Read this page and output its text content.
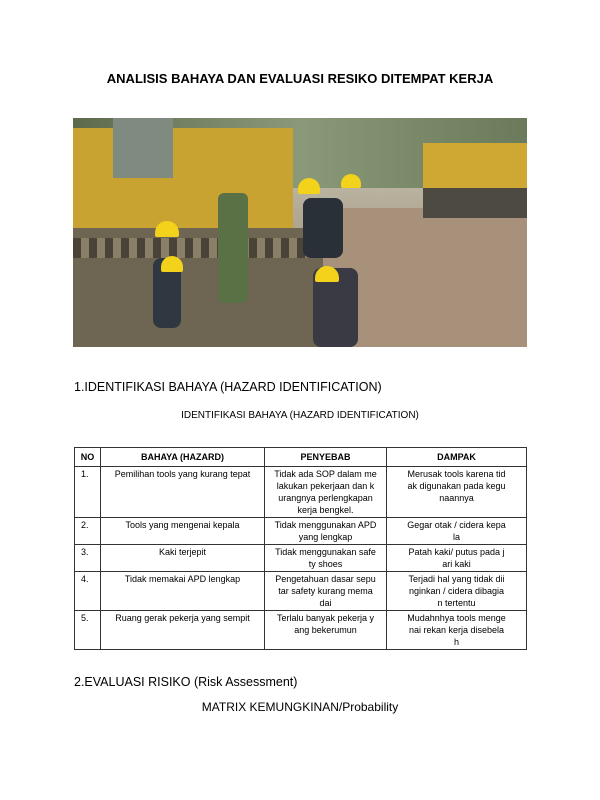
ANALISIS BAHAYA DAN EVALUASI RESIKO DITEMPAT KERJA
1.IDENTIFIKASI BAHAYA (HAZARD IDENTIFICATION)
IDENTIFIKASI BAHAYA (HAZARD IDENTIFICATION)
NO	BAHAYA (HAZARD)	PENYEBAB	DAMPAK
1.	Pemilihan tools yang kurang tepat	Tidak ada SOP dalam me
lakukan pekerjaan dan k
urangnya perlengkapan
kerja bengkel.	Merusak tools karena tid
ak digunakan pada kegu
naannya
2.	Tools yang mengenai kepala	Tidak menggunakan APD
yang lengkap	Gegar otak / cidera kepa
la
3.	Kaki terjepit	Tidak menggunakan safe
ty shoes	Patah kaki/ putus pada j
ari kaki
4.	Tidak memakai APD lengkap	Pengetahuan dasar sepu
tar safety kurang mema
dai	Terjadi hal yang tidak dii
nginkan / cidera dibagia
n tertentu
5.	Ruang gerak pekerja yang sempit	Terlalu banyak pekerja y
ang bekerumun	Mudahnhya tools menge
nai rekan kerja disebela
h
2.EVALUASI RISIKO (Risk Assessment)
MATRIX KEMUNGKINAN/Probability
